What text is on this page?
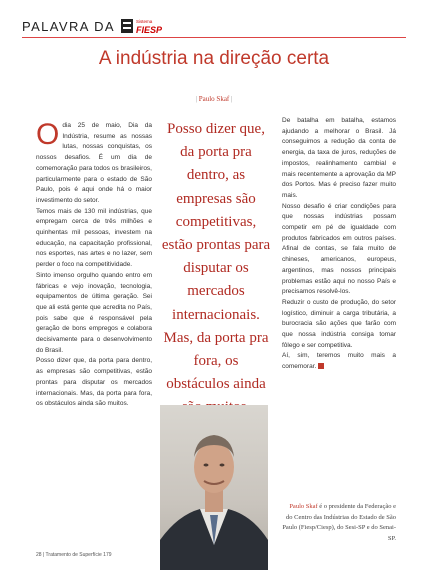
PALAVRA DA	Sistema
FIESP
A indústria na direção certa
| Paulo Skaf |

Odia 25 de maio, Dia da Indústria, resume as nossas lutas, nossas conquistas, os nossos desafios. É um dia de comemoração para todos os brasileiros, particularmente para o estado de São Paulo, pois é aqui onde há o maior investimento do setor.

Temos mais de 130 mil indústrias, que empregam cerca de três milhões e quinhentas mil pessoas, investem na educação, na capacitação profissional, nos esportes, nas artes e no lazer, sem perder o foco na competitividade.

Sinto imenso orgulho quando entro em fábricas e vejo inovação, tecnologia, equipamentos de última geração. Sei que ali está gente que acredita no País, pois sabe que é responsável pela geração de bons empregos e colabora decisivamente para o desenvolvimento do Brasil.

Posso dizer que, da porta para dentro, as empresas são competitivas, estão prontas para disputar os mercados internacionais. Mas, da porta para fora, os obstáculos ainda são muitos.

Posso dizer que, da porta pra dentro, as empresas são competitivas, estão prontas para disputar os mercados internacionais. Mas, da porta pra fora, os obstáculos ainda

De batalha em batalha, estamos ajudando a melhorar o Brasil. Já conseguimos a redução da conta de energia, da taxa de juros, reduções de impostos, realinhamento cambial e mais recentemente a aprovação da MP dos Portos. Mas é preciso fazer muito mais.

Nosso desafio é criar condições para que nossas indústrias possam competir em pé de igualdade com produtos fabricados em outros países. Afinal de contas, se fala muito de chineses, americanos, europeus, argentinos, mas nossos principais problemas estão aqui no nosso País e precisamos resolvê-los.

Reduzir o custo de produção, do setor logístico, diminuir a carga tributária, a burocracia são ações que farão com que nossa indústria consiga tomar fôlego e ser competitiva.

Aí, sim, teremos muito mais a comemorar.

Paulo Skaf é o presidente da Federação e do Centro das Indústrias do Estado de São Paulo (Fiesp/Ciesp), do Sesi-SP e do Senai-SP.
28 | Tratamento de Superfície 179
